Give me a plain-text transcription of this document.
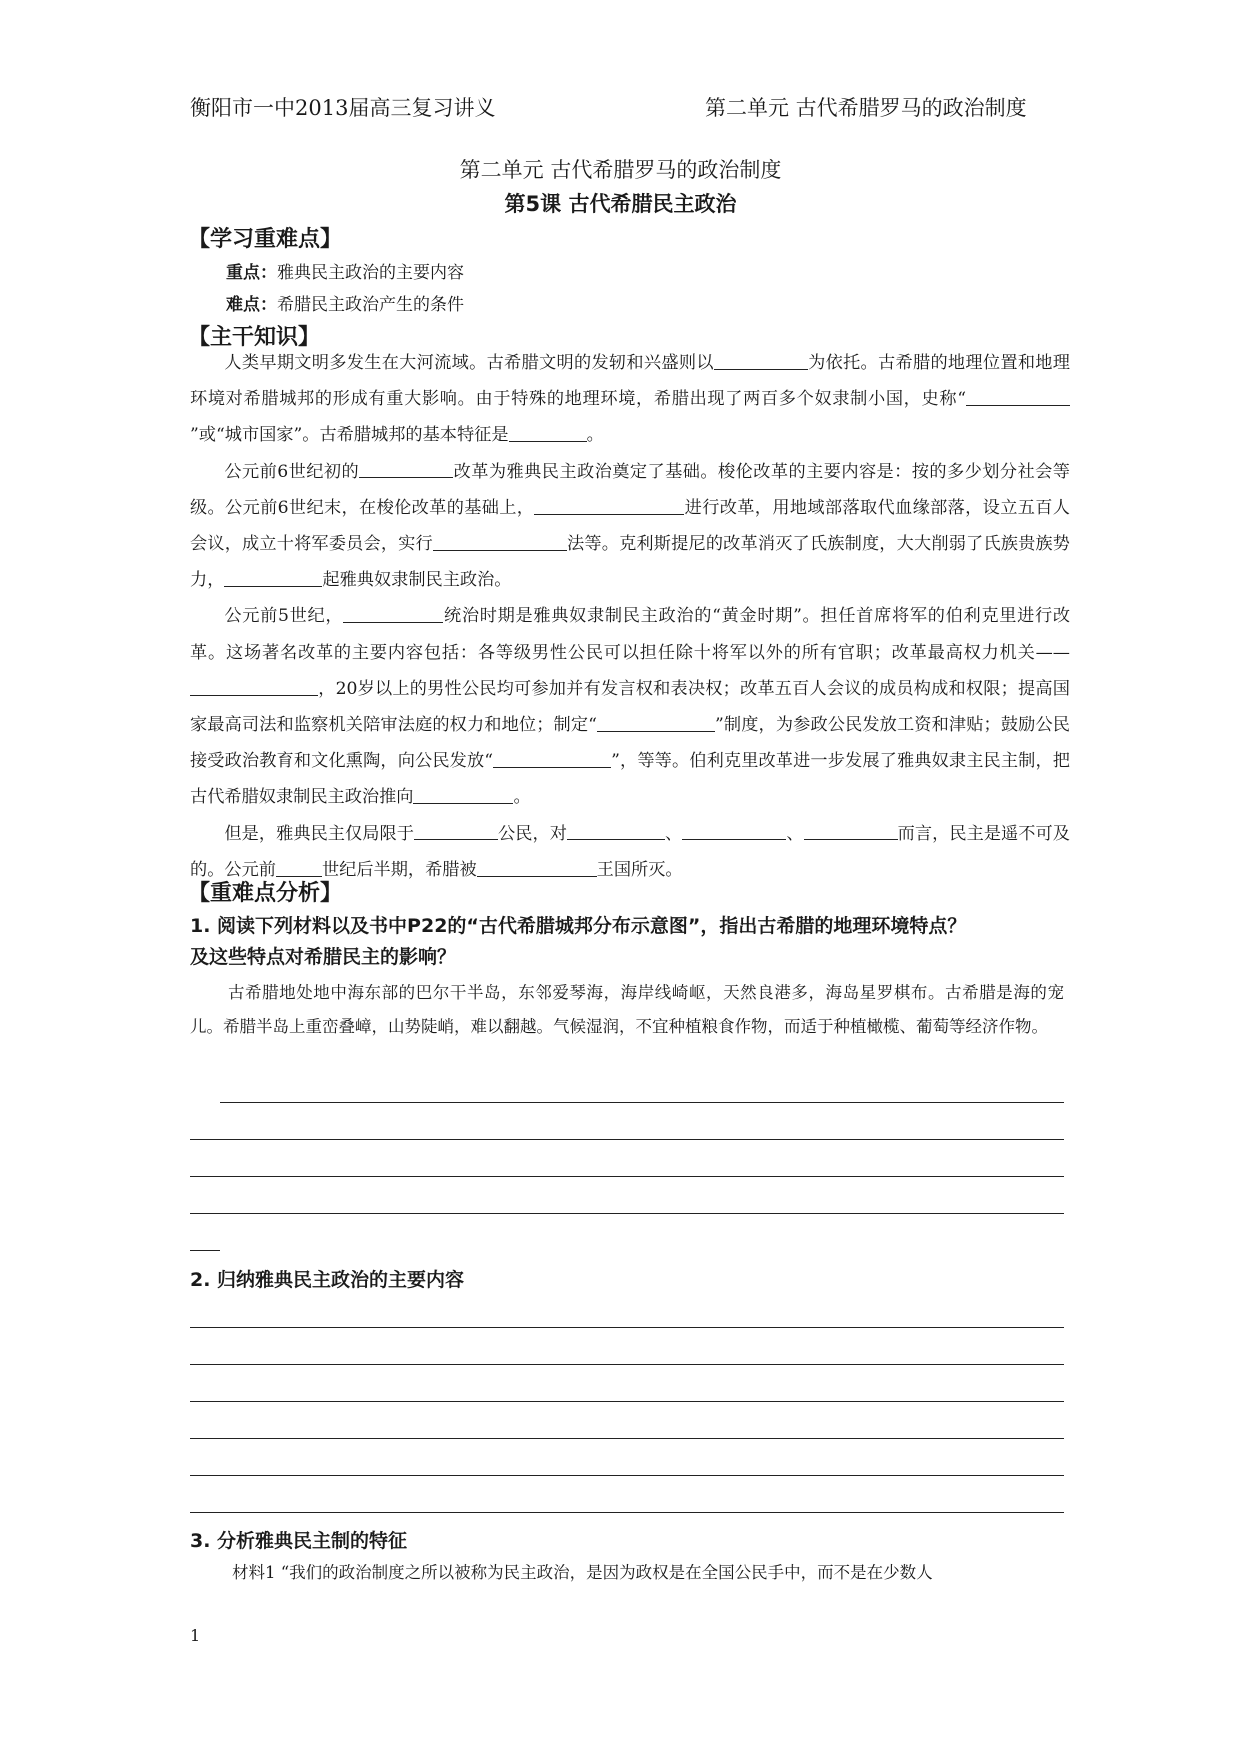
衡阳市一中2013届高三复习讲义	第二单元 古代希腊罗马的政治制度
第二单元 古代希腊罗马的政治制度
第5课 古代希腊民主政治
【学习重难点】
重点：雅典民主政治的主要内容
难点：希腊民主政治产生的条件
【主干知识】

人类早期文明多发生在大河流域。古希腊文明的发轫和兴盛则以	为依托。古希腊的地理位置和地理环境对希腊城邦的形成有重大影响。由于特殊的地理环境，希腊出现了两百多个奴隶制小国，史称“”或“城市国家”。古希腊城邦的基本特征是	。

公元前6世纪初的	改革为雅典民主政治奠定了基础。梭伦改革的主要内容是：按的多少划分社会等级。公元前6世纪末，在梭伦改革的基础上，	进行改革，用地域部落取代血缘部落，设立五百人会议，成立十将军委员会，实行	法等。克利斯提尼的改革消灭了氏族制度，大大削弱了氏族贵族势力，	起雅典奴隶制民主政治。

公元前5世纪，	统治时期是雅典奴隶制民主政治的“黄金时期”。担任首席将军的伯利克里进行改革。这场著名改革的主要内容包括：各等级男性公民可以担任除十将军以外的所有官职；改革最高权力机关——，20岁以上的男性公民均可参加并有发言权和表决权；改革五百人会议的成员构成和权限；提高国家最高司法和监察机关陪审法庭的权力和地位；制定“	”制度，为参政公民发放工资和津贴；鼓励公民接受政治教育和文化熏陶，向公民发放“	”，等等。伯利克里改革进一步发展了雅典奴隶主民主制，把古代希腊奴隶制民主政治推向	。

但是，雅典民主仅局限于	公民，对	、	、	而言，民主是遥不可及的。公元前	世纪后半期，希腊被	王国所灭。

【重难点分析】
1. 阅读下列材料以及书中P22的“古代希腊城邦分布示意图”，指出古希腊的地理环境特点？
及这些特点对希腊民主的影响？

古希腊地处地中海东部的巴尔干半岛，东邻爱琴海，海岸线崎岖，天然良港多，海岛星罗棋布。古希腊是海的宠儿。希腊半岛上重峦叠嶂，山势陡峭，难以翻越。气候湿润，不宜种植粮食作物，而适于种植橄榄、葡萄等经济作物。

2. 归纳雅典民主政治的主要内容
3. 分析雅典民主制的特征
材料1 “我们的政治制度之所以被称为民主政治，是因为政权是在全国公民手中，而不是在少数人
1
